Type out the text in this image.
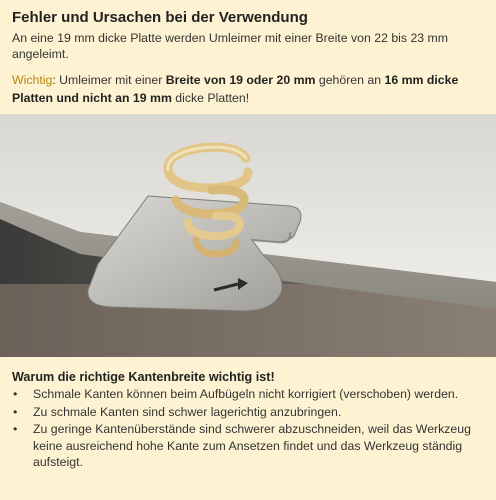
Fehler und Ursachen bei der Verwendung
An eine 19 mm dicke Platte werden Umleimer mit einer Breite von 22 bis 23 mm angeleimt.
Wichtig: Umleimer mit einer Breite von 19 oder 20 mm gehören an 16 mm dicke Platten und nicht an 19 mm dicke Platten!
Warum die richtige Kantenbreite wichtig ist!
•	Schmale Kanten können beim Aufbügeln nicht korrigiert (verschoben) werden.
•	Zu schmale Kanten sind schwer lagerichtig anzubringen.
•	Zu geringe Kantenüberstände sind schwerer abzuschneiden, weil das Werkzeug keine ausreichend hohe Kante zum Ansetzen findet und das Werkzeug ständig aufsteigt.
